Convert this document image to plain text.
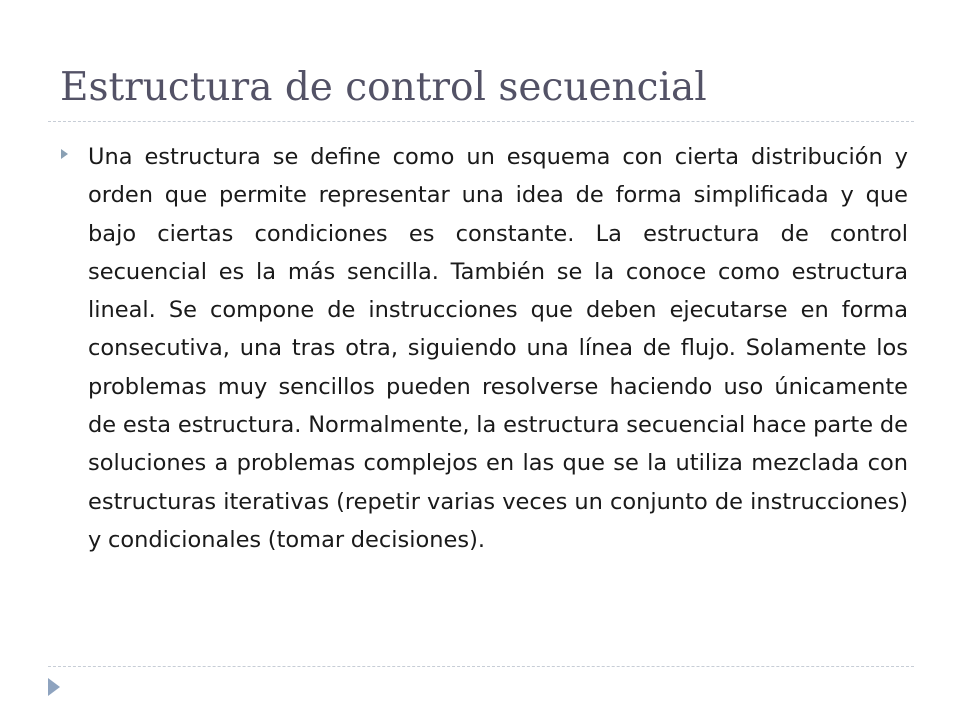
Estructura de control secuencial

Una estructura se define como un esquema con cierta distribución y orden que permite representar una idea de forma simplificada y que bajo ciertas condiciones es constante. La estructura de control secuencial es la más sencilla. También se la conoce como estructura lineal. Se compone de instrucciones que deben ejecutarse en forma consecutiva, una tras otra, siguiendo una línea de flujo. Solamente los problemas muy sencillos pueden resolverse haciendo uso únicamente de esta estructura. Normalmente, la estructura secuencial hace parte de soluciones a problemas complejos en las que se la utiliza mezclada con estructuras iterativas (repetir varias veces un conjunto de instrucciones) y condicionales (tomar decisiones).
